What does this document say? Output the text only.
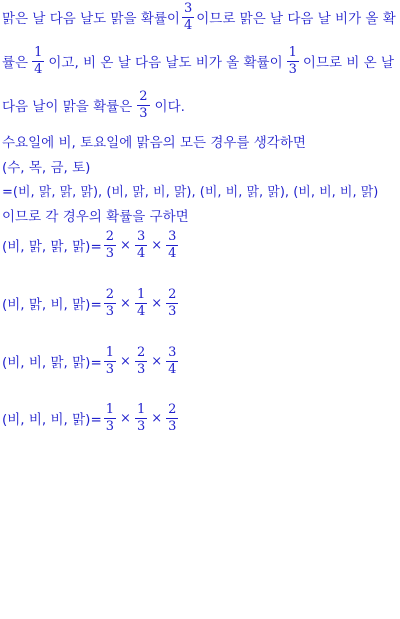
맑은 날 다음 날도 맑을 확률이 $\frac{3}{4}$ 이므로 맑은 날 다음 날 비가 올 확
률은 $\frac{1}{4}$ 이고, 비 온 날 다음 날도 비가 올 확률이 $\frac{1}{3}$ 이므로 비 온 날
다음 날이 맑을 확률은 $\frac{2}{3}$ 이다.
수요일에 비, 토요일에 맑음의 모든 경우를 생각하면
(수, 목, 금, 토)
=(비, 맑, 맑, 맑), (비, 맑, 비, 맑), (비, 비, 맑, 맑), (비, 비, 비, 맑)
이므로 각 경우의 확률을 구하면
(비, 맑, 맑, 맑)= $\frac{2}{3} \times \frac{3}{4} \times \frac{3}{4}$
(비, 맑, 비, 맑)= $\frac{2}{3} \times \frac{1}{4} \times \frac{2}{3}$
(비, 비, 맑, 맑)= $\frac{1}{3} \times \frac{2}{3} \times \frac{3}{4}$
(비, 비, 비, 맑)= $\frac{1}{3} \times \frac{1}{3} \times \frac{2}{3}$
